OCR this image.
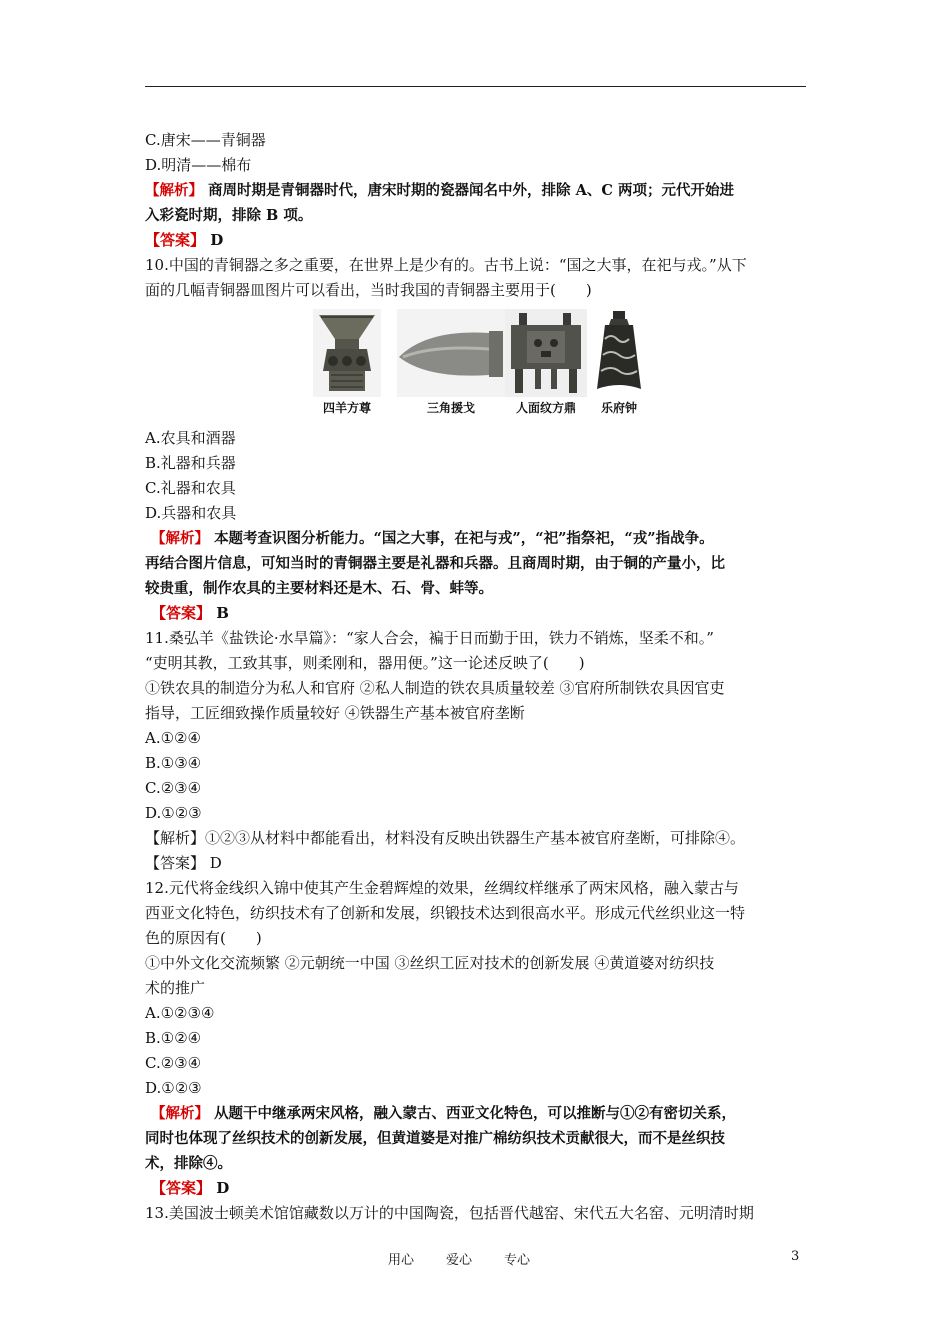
C.唐宋——青铜器
D.明清——棉布
【解析】 商周时期是青铜器时代，唐宋时期的瓷器闻名中外，排除 A、C 两项；元代开始进
入彩瓷时期，排除 B 项。
【答案】 D
10.中国的青铜器之多之重要，在世界上是少有的。古书上说：“国之大事，在祀与戎。”从下
面的几幅青铜器皿图片可以看出，当时我国的青铜器主要用于(　　)
四羊方尊	三角援戈	人面纹方鼎	乐府钟
A.农具和酒器
B.礼器和兵器
C.礼器和农具
D.兵器和农具
【解析】 本题考查识图分析能力。“国之大事，在祀与戎”，“祀”指祭祀，“戎”指战争。
再结合图片信息，可知当时的青铜器主要是礼器和兵器。且商周时期，由于铜的产量小，比
较贵重，制作农具的主要材料还是木、石、骨、蚌等。
【答案】 B
11.桑弘羊《盐铁论·水旱篇》：“家人合会，褊于日而勤于田，铁力不销炼，坚柔不和。”
“吏明其教，工致其事，则柔刚和，器用便。”这一论述反映了(　　)
①铁农具的制造分为私人和官府 ②私人制造的铁农具质量较差 ③官府所制铁农具因官吏
指导，工匠细致操作质量较好 ④铁器生产基本被官府垄断
A.①②④
B.①③④
C.②③④
D.①②③
【解析】①②③从材料中都能看出，材料没有反映出铁器生产基本被官府垄断，可排除④。
【答案】 D
12.元代将金线织入锦中使其产生金碧辉煌的效果，丝绸纹样继承了两宋风格，融入蒙古与
西亚文化特色，纺织技术有了创新和发展，织锻技术达到很高水平。形成元代丝织业这一特
色的原因有(　　)
①中外文化交流频繁 ②元朝统一中国 ③丝织工匠对技术的创新发展 ④黄道婆对纺织技
术的推广
A.①②③④
B.①②④
C.②③④
D.①②③
【解析】 从题干中继承两宋风格，融入蒙古、西亚文化特色，可以推断与①②有密切关系，
同时也体现了丝织技术的创新发展，但黄道婆是对推广棉纺织技术贡献很大，而不是丝织技
术，排除④。
【答案】 D
13.美国波士顿美术馆馆藏数以万计的中国陶瓷，包括晋代越窑、宋代五大名窑、元明清时期
用心 爱心 专心	3
